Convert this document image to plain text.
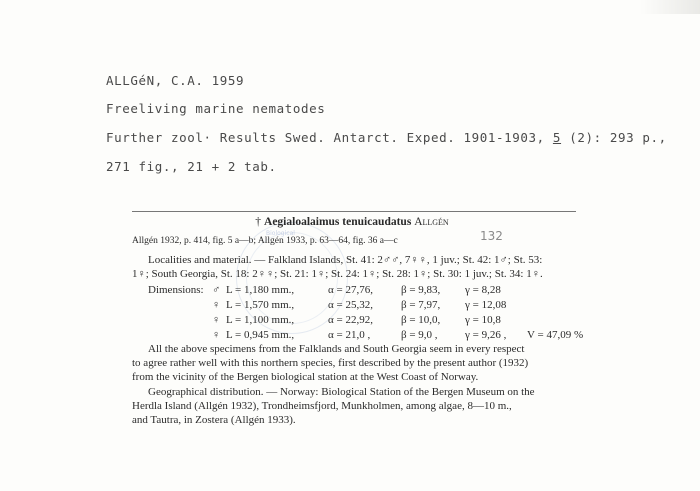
ALLGéN, C.A. 1959
Freeliving marine nematodes
Further zool· Results Swed. Antarct. Exped. 1901-1903, 5 (2): 293 p.,
271 fig., 21 + 2 tab.
Biological
† Aegialoalaimus tenuicaudatus Allgén
Allgén 1932, p. 414, fig. 5 a—b; Allgén 1933, p. 63—64, fig. 36 a—c	132
Localities and material. — Falkland Islands, St. 41: 2♂♂, 7♀♀, 1 juv.; St. 42: 1♂; St. 53:
1♀; South Georgia, St. 18: 2♀♀; St. 21: 1♀; St. 24: 1♀; St. 28: 1♀; St. 30: 1 juv.; St. 34: 1♀.
Dimensions: ♂	L = 1,180 mm.,	α = 27,76,	β = 9,83,	γ = 8,28	
♀	L = 1,570 mm.,	α = 25,32,	β = 7,97,	γ = 12,08	
♀	L = 1,100 mm.,	α = 22,92,	β = 10,0,	γ = 10,8	
♀	L = 0,945 mm.,	α = 21,0 ,	β = 9,0 ,	γ = 9,26 ,	V = 47,09 %
All the above specimens from the Falklands and South Georgia seem in every respect
to agree rather well with this northern species, first described by the present author (1932)
from the vicinity of the Bergen biological station at the West Coast of Norway.
Geographical distribution. — Norway: Biological Station of the Bergen Museum on the
Herdla Island (Allgén 1932), Trondheimsfjord, Munkholmen, among algae, 8—10 m.,
and Tautra, in Zostera (Allgén 1933).
